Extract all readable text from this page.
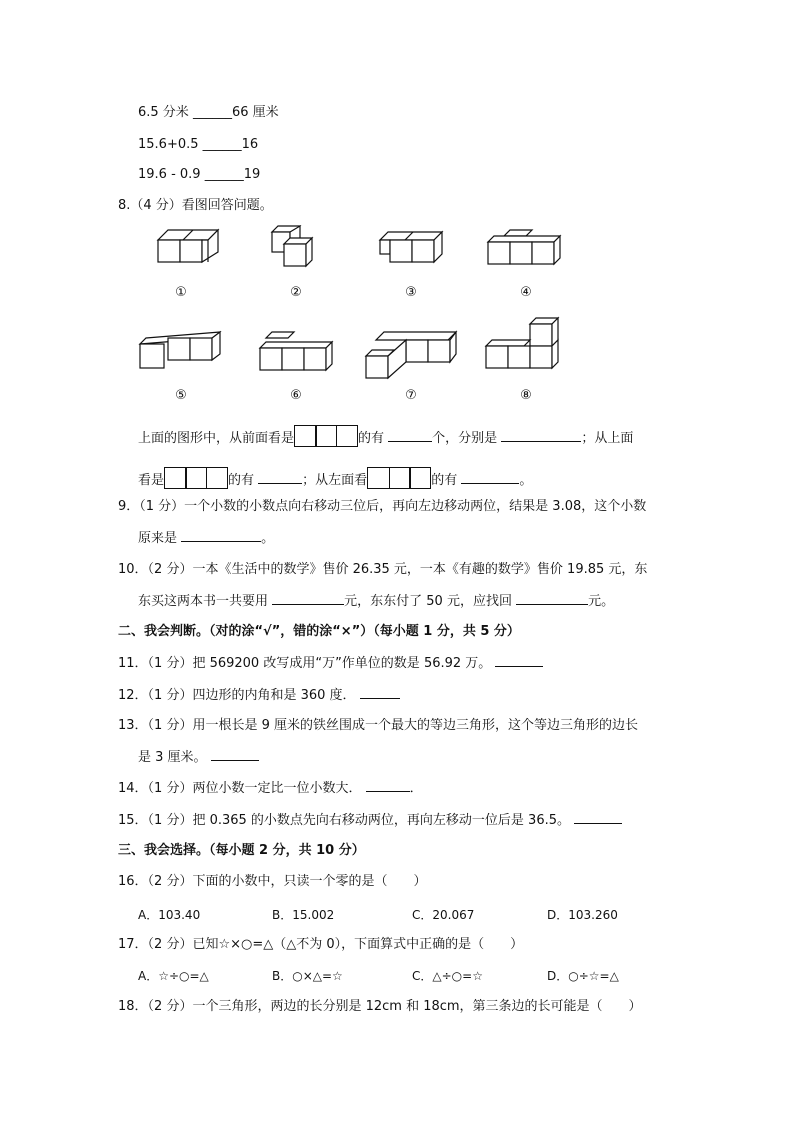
6.5 分米 ______66 厘米
15.6+0.5 ______16
19.6 - 0.9 ______19
8.（4 分）看图回答问题。
①	②	③	④
⑤	⑥	⑦	⑧
上面的图形中，从前面看是	的有	个，分别是	；从上面
看是	的有	；从左面看	的有	。
9．（1 分）一个小数的小数点向右移动三位后，再向左边移动两位，结果是 3.08，这个小数
原来是	。
10．（2 分）一本《生活中的数学》售价 26.35 元，一本《有趣的数学》售价 19.85 元，东
东买这两本书一共要用	元，东东付了 50 元，应找回	元。
二、我会判断。（对的涂“√”，错的涂“×”）（每小题 1 分，共 5 分）
11．（1 分）把 569200 改写成用“万”作单位的数是 56.92 万。
12．（1 分）四边形的内角和是 360 度．
13．（1 分）用一根长是 9 厘米的铁丝围成一个最大的等边三角形，这个等边三角形的边长
是 3 厘米。
14．（1 分）两位小数一定比一位小数大．	．
15．（1 分）把 0.365 的小数点先向右移动两位，再向左移动一位后是 36.5。
三、我会选择。（每小题 2 分，共 10 分）
16．（2 分）下面的小数中，只读一个零的是（　　）
A．103.40	B．15.002	C．20.067	D．103.260
17．（2 分）已知☆×○=△（△不为 0），下面算式中正确的是（　　）
A．☆÷○=△	B．○×△=☆	C．△÷○=☆	D．○÷☆=△
18．（2 分）一个三角形，两边的长分别是 12cm 和 18cm，第三条边的长可能是（　　）
